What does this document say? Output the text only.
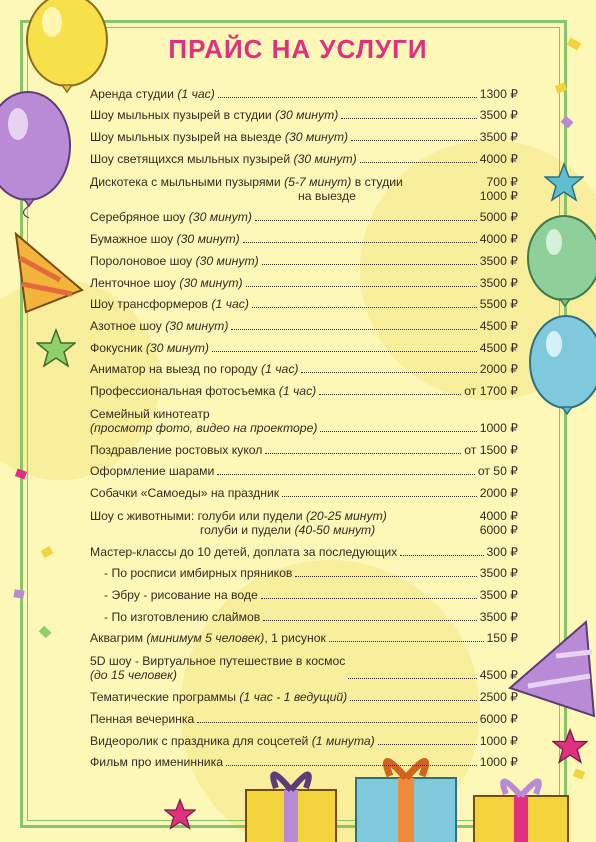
ПРАЙС НА УСЛУГИ
Аренда студии (1 час)	1300 ₽
Шоу мыльных пузырей в студии (30 минут)	3500 ₽
Шоу мыльных пузырей на выезде (30 минут)	3500 ₽
Шоу светящихся мыльных пузырей (30 минут)	4000 ₽
Дискотека с мыльными пузырями (5-7 минут) в студии	700 ₽
на выезде	1000 ₽
Серебряное шоу (30 минут)	5000 ₽
Бумажное шоу (30 минут)	4000 ₽
Поролоновое шоу (30 минут)	3500 ₽
Ленточное шоу (30 минут)	3500 ₽
Шоу трансформеров (1 час)	5500 ₽
Азотное шоу (30 минут)	4500 ₽
Фокусник (30 минут)	4500 ₽
Аниматор на выезд по городу (1 час)	2000 ₽
Профессиональная фотосъемка (1 час)	от 1700 ₽
Семейный кинотеатр
(просмотр фото, видео на проекторе)	1000 ₽
Поздравление ростовых кукол	от 1500 ₽
Оформление шарами	от 50 ₽
Собачки «Самоеды» на праздник	2000 ₽
Шоу с животными: голуби или пудели (20-25 минут)	4000 ₽
голуби и пудели (40-50 минут)	6000 ₽
Мастер-классы до 10 детей, доплата за последующих	300 ₽
- По росписи имбирных пряников	3500 ₽
- Эбру - рисование на воде	3500 ₽
- По изготовлению слаймов	3500 ₽
Аквагрим (минимум 5 человек), 1 рисунок	150 ₽
5D шоу - Виртуальное путешествие в космос
(до 15 человек)	4500 ₽
Тематические программы (1 час - 1 ведущий)	2500 ₽
Пенная вечеринка	6000 ₽
Видеоролик с праздника для соцсетей (1 минута)	1000 ₽
Фильм про именинника	1000 ₽
